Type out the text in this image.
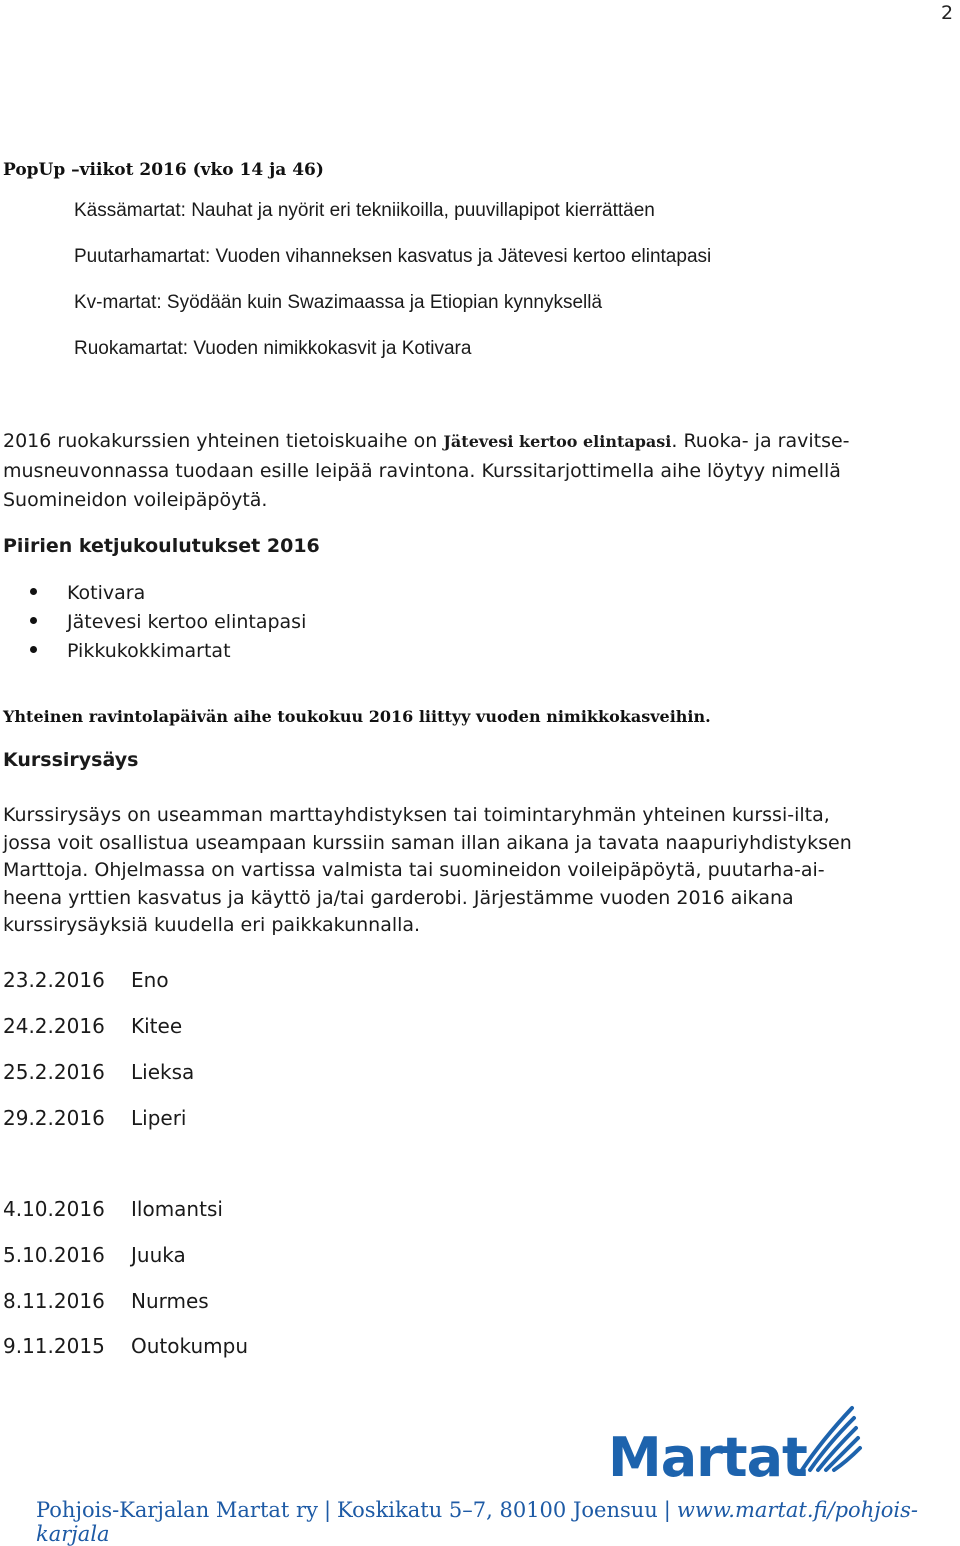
2
PopUp –viikot 2016 (vko 14 ja 46)
Kässämartat: Nauhat ja nyörit eri tekniikoilla, puuvillapipot kierrättäen
Puutarhamartat: Vuoden vihanneksen kasvatus ja Jätevesi kertoo elintapasi
Kv-martat: Syödään kuin Swazimaassa ja Etiopian kynnyksellä
Ruokamartat: Vuoden nimikkokasvit ja Kotivara
2016 ruokakurssien yhteinen tietoiskuaihe on Jätevesi kertoo elintapasi. Ruoka- ja ravitse-
musneuvonnassa tuodaan esille leipää ravintona. Kurssitarjottimella aihe löytyy nimellä
Suomineidon voileipäpöytä.
Piirien ketjukoulutukset 2016
Kotivara
Jätevesi kertoo elintapasi
Pikkukokkimartat
Yhteinen ravintolapäivän aihe toukokuu 2016 liittyy vuoden nimikkokasveihin.
Kurssirysäys
Kurssirysäys on useamman marttayhdistyksen tai toimintaryhmän yhteinen kurssi-ilta,
jossa voit osallistua useampaan kurssiin saman illan aikana ja tavata naapuriyhdistyksen
Marttoja. Ohjelmassa on vartissa valmista tai suomineidon voileipäpöytä, puutarha-ai-
heena yrttien kasvatus ja käyttö ja/tai garderobi. Järjestämme vuoden 2016 aikana
kurssirysäyksiä kuudella eri paikkakunnalla.
23.2.2016 Eno
24.2.2016 Kitee
25.2.2016 Lieksa
29.2.2016 Liperi
4.10.2016 Ilomantsi
5.10.2016 Juuka
8.11.2016 Nurmes
9.11.2015 Outokumpu
Martat
Pohjois-Karjalan Martat ry | Koskikatu 5–7, 80100 Joensuu | www.martat.fi/pohjois-karjala
